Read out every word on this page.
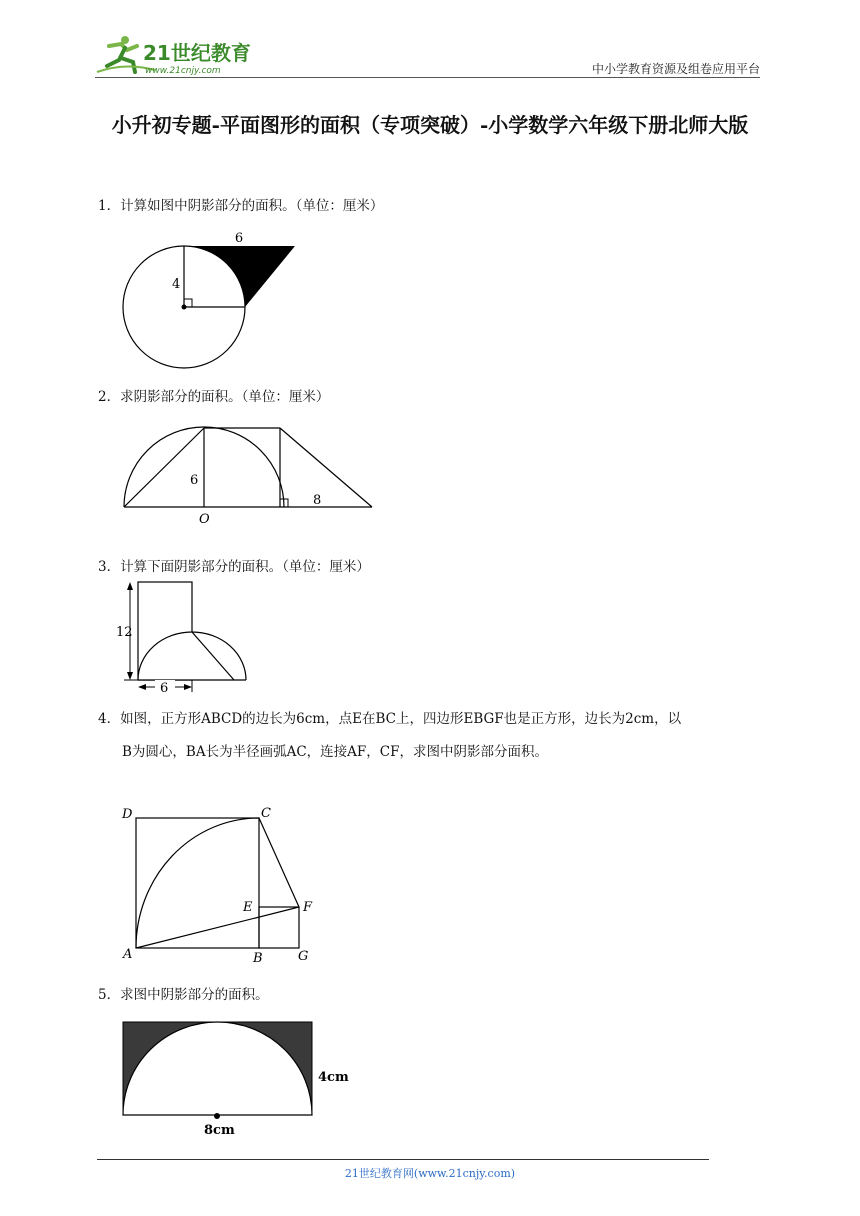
21世纪教育
www.21cnjy.com	中小学教育资源及组卷应用平台
小升初专题-平面图形的面积（专项突破）-小学数学六年级下册北师大版
1．计算如图中阴影部分的面积。（单位：厘米）
6
4
2．求阴影部分的面积。（单位：厘米）
6
O
8
3．计算下面阴影部分的面积。（单位：厘米）
12
6
4．如图，正方形ABCD的边长为6cm，点E在BC上，四边形EBGF也是正方形，边长为2cm，以
B为圆心，BA长为半径画弧AC，连接AF，CF，求图中阴影部分面积。
D	C
E	F
A	B	G
5．求图中阴影部分的面积。
4cm
8cm
21世纪教育网(www.21cnjy.com)
